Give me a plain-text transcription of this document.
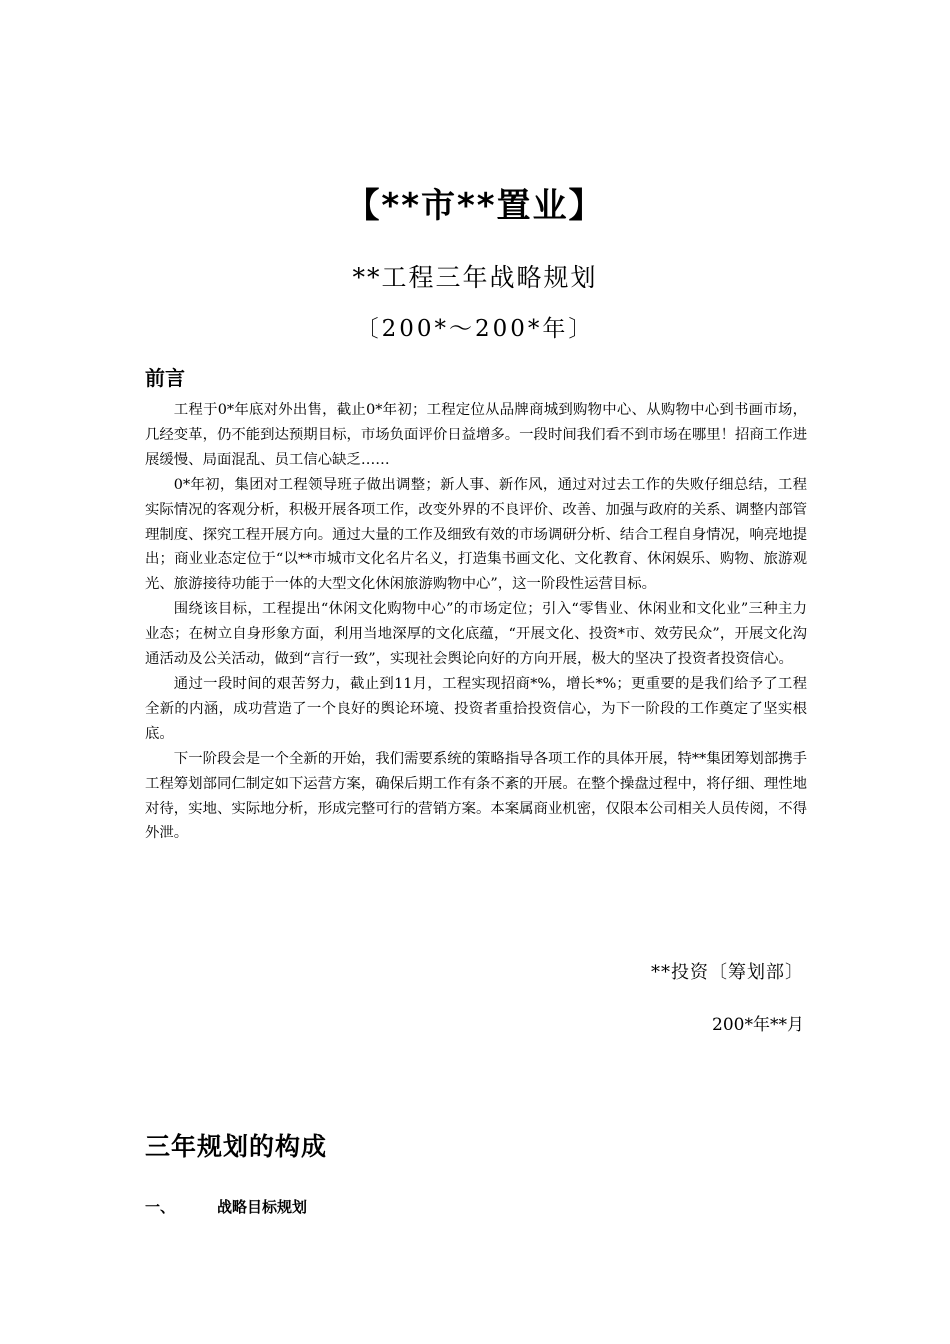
【**市**置业】
**工程三年战略规划
〔200*～200*年〕
前言

工程于0*年底对外出售，截止0*年初；工程定位从品牌商城到购物中心、从购物中心到书画市场，几经变革，仍不能到达预期目标，市场负面评价日益增多。一段时间我们看不到市场在哪里！招商工作进展缓慢、局面混乱、员工信心缺乏……

0*年初，集团对工程领导班子做出调整；新人事、新作风，通过对过去工作的失败仔细总结，工程实际情况的客观分析，积极开展各项工作，改变外界的不良评价、改善、加强与政府的关系、调整内部管理制度、探究工程开展方向。通过大量的工作及细致有效的市场调研分析、结合工程自身情况，响亮地提出；商业业态定位于“以**市城市文化名片名义，打造集书画文化、文化教育、休闲娱乐、购物、旅游观光、旅游接待功能于一体的大型文化休闲旅游购物中心”，这一阶段性运营目标。

围绕该目标，工程提出“休闲文化购物中心”的市场定位；引入“零售业、休闲业和文化业”三种主力业态；在树立自身形象方面，利用当地深厚的文化底蕴，“开展文化、投资*市、效劳民众”，开展文化沟通活动及公关活动，做到“言行一致”，实现社会舆论向好的方向开展，极大的坚决了投资者投资信心。

通过一段时间的艰苦努力，截止到11月，工程实现招商*%，增长*%；更重要的是我们给予了工程全新的内涵，成功营造了一个良好的舆论环境、投资者重拾投资信心，为下一阶段的工作奠定了坚实根底。

下一阶段会是一个全新的开始，我们需要系统的策略指导各项工作的具体开展，特**集团筹划部携手工程筹划部同仁制定如下运营方案，确保后期工作有条不紊的开展。在整个操盘过程中，将仔细、理性地对待，实地、实际地分析，形成完整可行的营销方案。本案属商业机密，仅限本公司相关人员传阅，不得外泄。

**投资〔筹划部〕
200*年**月
三年规划的构成
一、	战略目标规划
